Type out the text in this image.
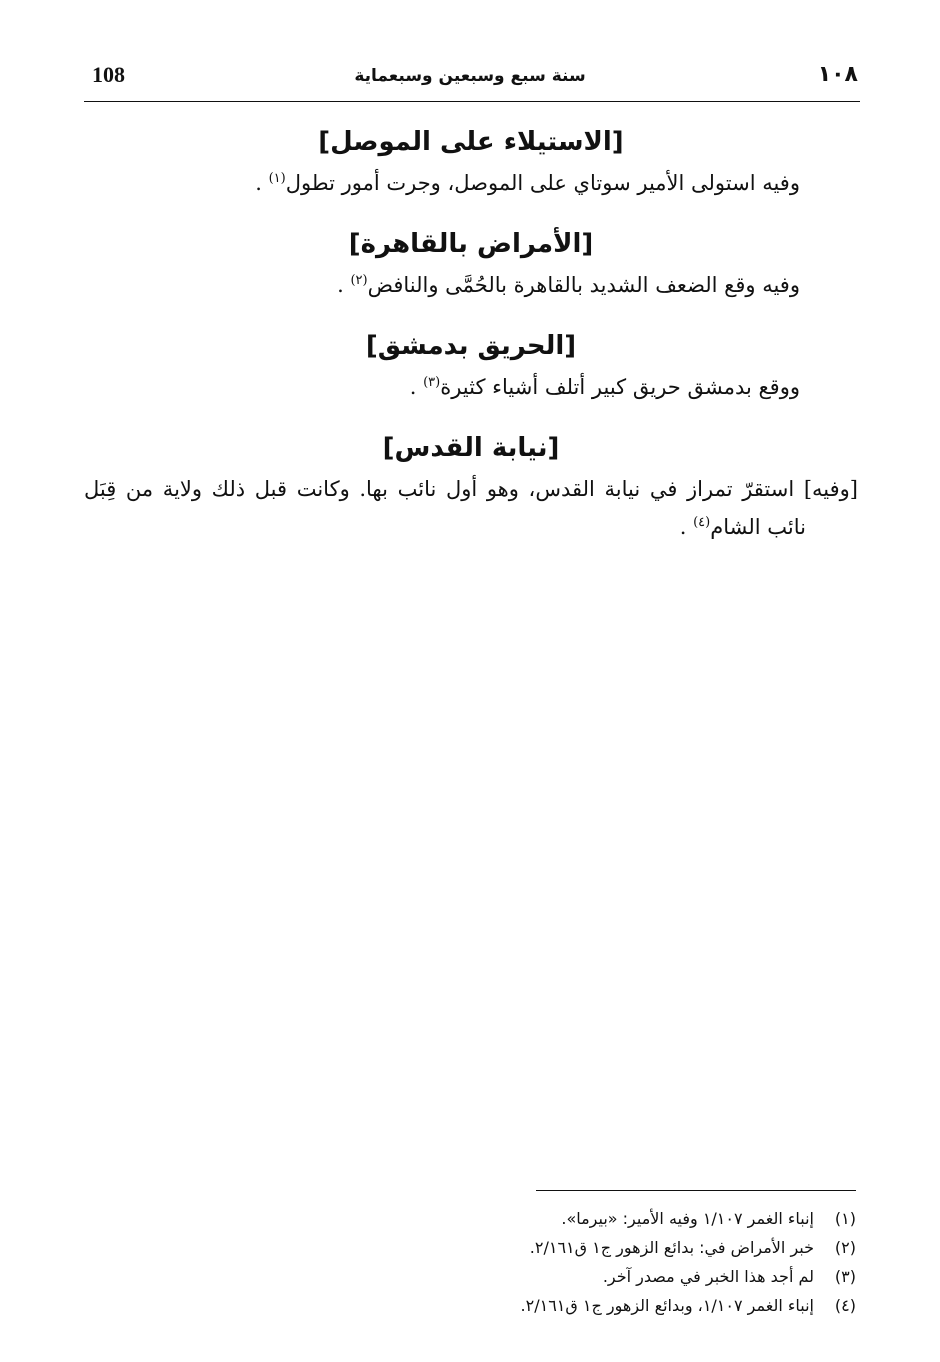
108	سنة سبع وسبعين وسبعماية	١٠٨
[الاستيلاء على الموصل]

وفيه استولى الأمير سوتاي على الموصل، وجرت أمور تطول$^{(١)}$ .

[الأمراض بالقاهرة]

وفيه وقع الضعف الشديد بالقاهرة بالحُمَّى والنافض$^{(٢)}$ .

[الحريق بدمشق]

ووقع بدمشق حريق كبير أتلف أشياء كثيرة$^{(٣)}$ .

[نيابة القدس]

[وفيه] استقرّ تمراز في نيابة القدس، وهو أول نائب بها. وكانت قبل ذلك ولاية من قِبَل نائب الشام$^{(٤)}$ .

(١)إنباء الغمر ١/١٠٧ وفيه الأمير: «بيرما».
(٢)خبر الأمراض في: بدائع الزهور ج١ ق٢/١٦١.
(٣)لم أجد هذا الخبر في مصدر آخر.
(٤)إنباء الغمر ١/١٠٧، وبدائع الزهور ج١ ق٢/١٦١.
